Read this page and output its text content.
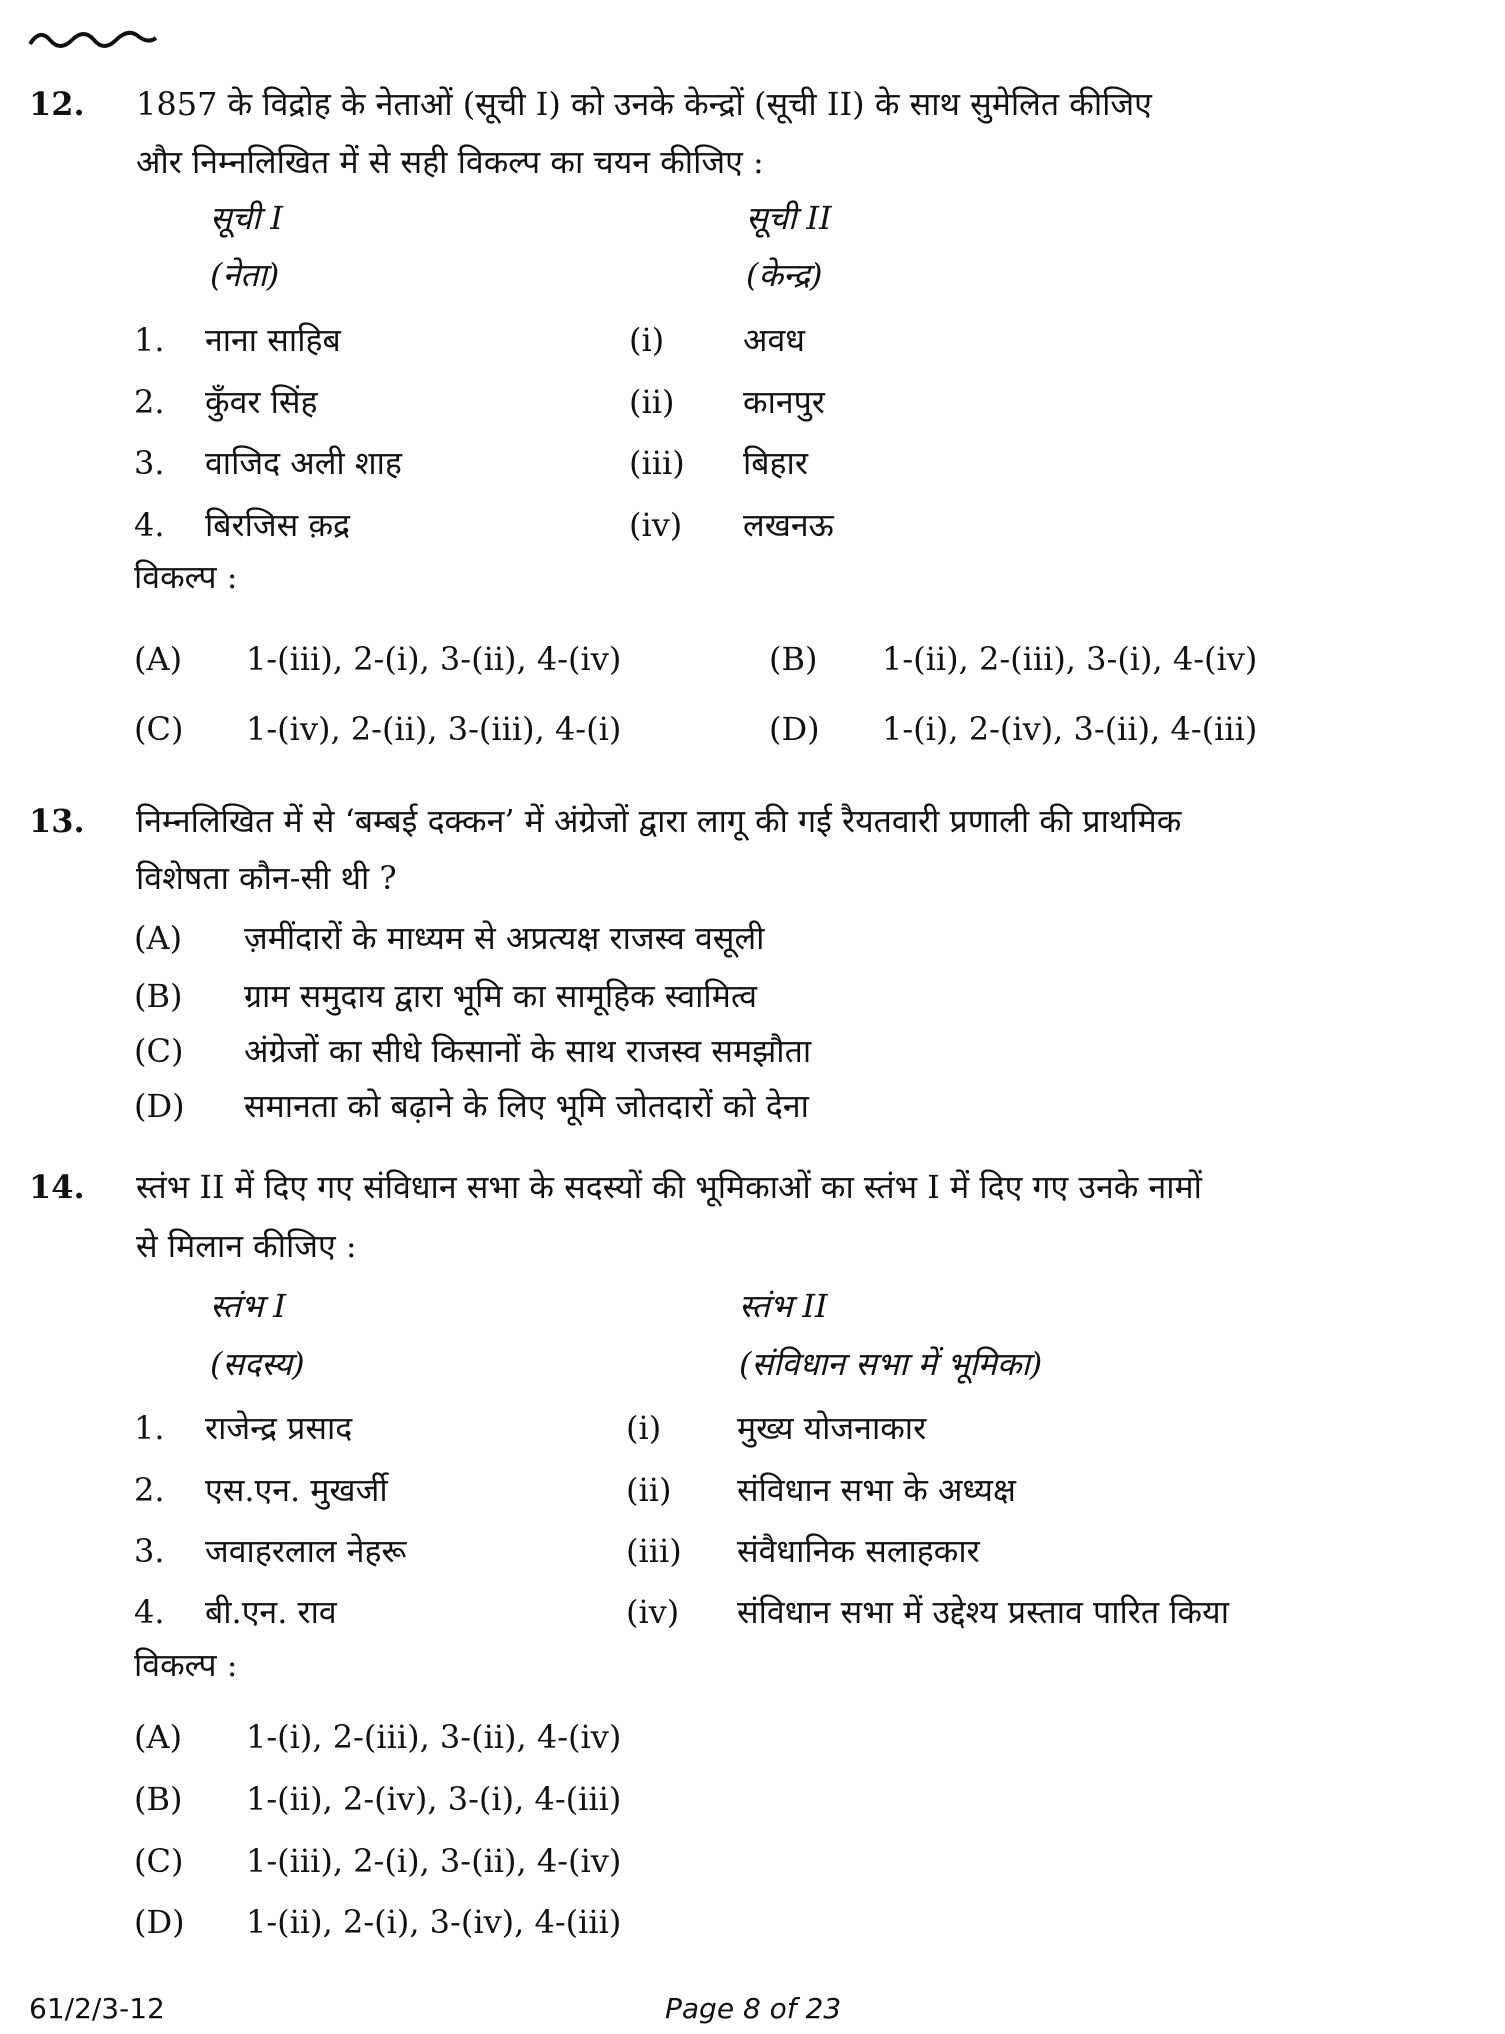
12. 1857 के विद्रोह के नेताओं (सूची I) को उनके केन्द्रों (सूची II) के साथ सुमेलित कीजिए
और निम्नलिखित में से सही विकल्प का चयन कीजिए :
सूची I	सूची II
(नेता)	(केन्द्र)
1. नाना साहिब	(i) अवध
2. कुँवर सिंह	(ii) कानपुर
3. वाजिद अली शाह	(iii) बिहार
4. बिरजिस क़द्र	(iv) लखनऊ
विकल्प :
(A) 1-(iii), 2-(i), 3-(ii), 4-(iv)	(B) 1-(ii), 2-(iii), 3-(i), 4-(iv)
(C) 1-(iv), 2-(ii), 3-(iii), 4-(i)	(D) 1-(i), 2-(iv), 3-(ii), 4-(iii)
13. निम्नलिखित में से ‘बम्बई दक्कन’ में अंग्रेजों द्वारा लागू की गई रैयतवारी प्रणाली की प्राथमिक
विशेषता कौन-सी थी ?
(A) ज़मींदारों के माध्यम से अप्रत्यक्ष राजस्व वसूली
(B) ग्राम समुदाय द्वारा भूमि का सामूहिक स्वामित्व
(C) अंग्रेजों का सीधे किसानों के साथ राजस्व समझौता
(D) समानता को बढ़ाने के लिए भूमि जोतदारों को देना
14. स्तंभ II में दिए गए संविधान सभा के सदस्यों की भूमिकाओं का स्तंभ I में दिए गए उनके नामों
से मिलान कीजिए :
स्तंभ I	स्तंभ II
(सदस्य)	(संविधान सभा में भूमिका)
1. राजेन्द्र प्रसाद	(i) मुख्य योजनाकार
2. एस.एन. मुखर्जी	(ii) संविधान सभा के अध्यक्ष
3. जवाहरलाल नेहरू	(iii) संवैधानिक सलाहकार
4. बी.एन. राव	(iv) संविधान सभा में उद्देश्य प्रस्ताव पारित किया
विकल्प :
(A) 1-(i), 2-(iii), 3-(ii), 4-(iv)
(B) 1-(ii), 2-(iv), 3-(i), 4-(iii)
(C) 1-(iii), 2-(i), 3-(ii), 4-(iv)
(D) 1-(ii), 2-(i), 3-(iv), 4-(iii)
61/2/3-12	Page 8 of 23
